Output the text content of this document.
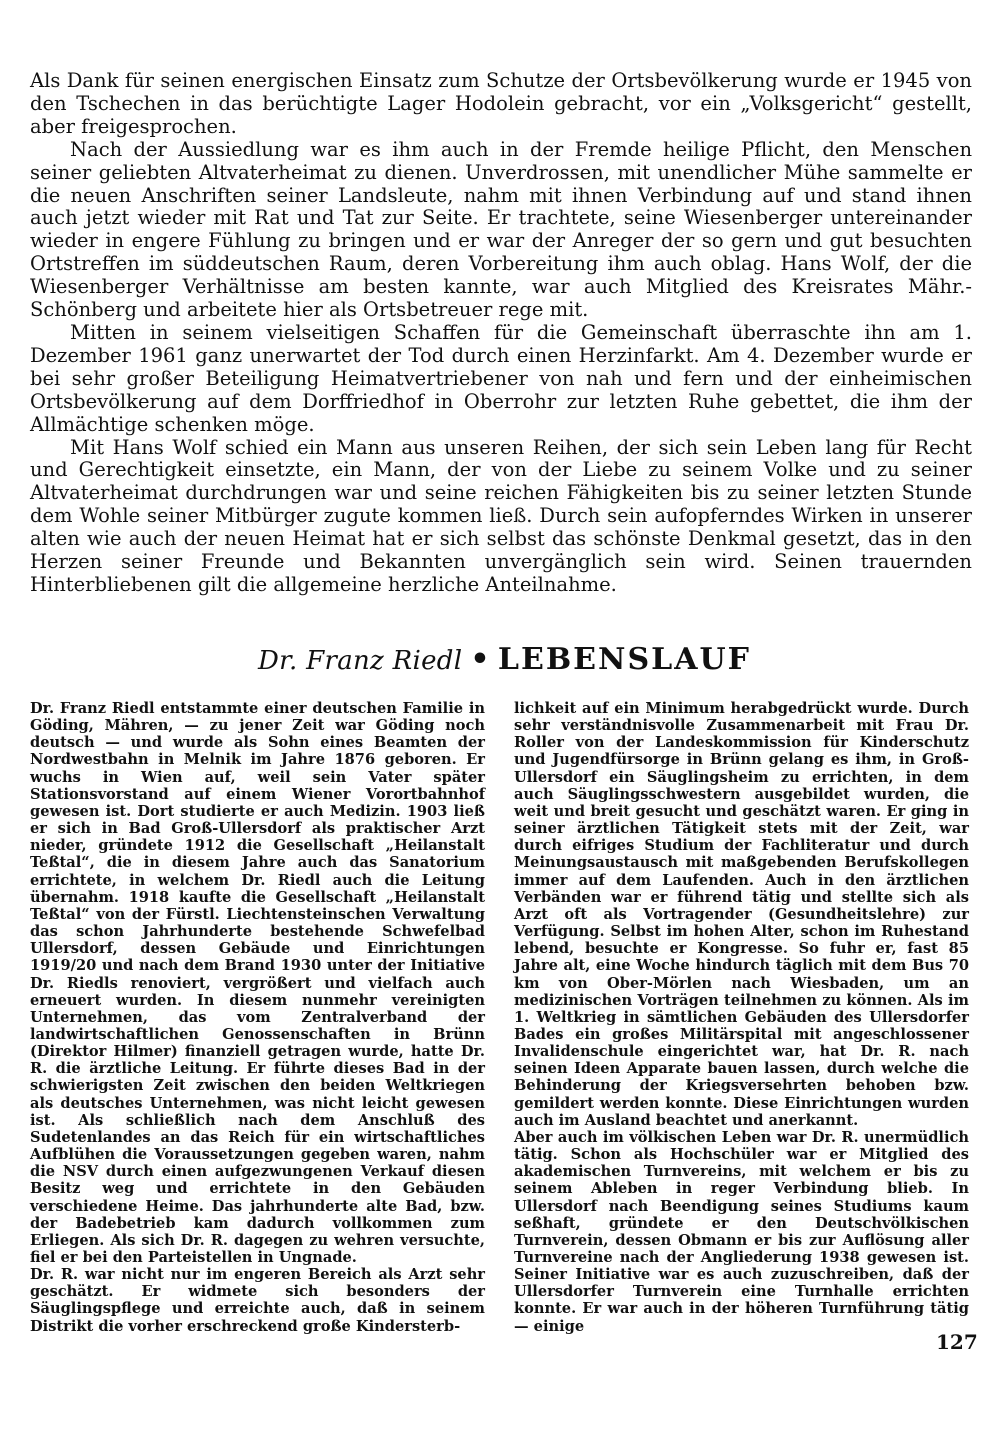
Als Dank für seinen energischen Einsatz zum Schutze der Ortsbevölkerung wurde er 1945 von den Tschechen in das berüchtigte Lager Hodolein gebracht, vor ein „Volksgericht“ gestellt, aber freigesprochen.

Nach der Aussiedlung war es ihm auch in der Fremde heilige Pflicht, den Menschen seiner geliebten Altvaterheimat zu dienen. Unverdrossen, mit unendlicher Mühe sammelte er die neuen Anschriften seiner Landsleute, nahm mit ihnen Verbindung auf und stand ihnen auch jetzt wieder mit Rat und Tat zur Seite. Er trachtete, seine Wiesenberger untereinander wieder in engere Fühlung zu bringen und er war der Anreger der so gern und gut besuchten Ortstreffen im süddeutschen Raum, deren Vorbereitung ihm auch oblag. Hans Wolf, der die Wiesenberger Verhältnisse am besten kannte, war auch Mitglied des Kreisrates Mähr.-Schönberg und arbeitete hier als Ortsbetreuer rege mit.

Mitten in seinem vielseitigen Schaffen für die Gemeinschaft überraschte ihn am 1. Dezember 1961 ganz unerwartet der Tod durch einen Herzinfarkt. Am 4. Dezember wurde er bei sehr großer Beteiligung Heimatvertriebener von nah und fern und der einheimischen Ortsbevölkerung auf dem Dorffriedhof in Oberrohr zur letzten Ruhe gebettet, die ihm der Allmächtige schenken möge.

Mit Hans Wolf schied ein Mann aus unseren Reihen, der sich sein Leben lang für Recht und Gerechtigkeit einsetzte, ein Mann, der von der Liebe zu seinem Volke und zu seiner Altvaterheimat durchdrungen war und seine reichen Fähigkeiten bis zu seiner letzten Stunde dem Wohle seiner Mitbürger zugute kommen ließ. Durch sein aufopferndes Wirken in unserer alten wie auch der neuen Heimat hat er sich selbst das schönste Denkmal gesetzt, das in den Herzen seiner Freunde und Bekannten unvergänglich sein wird. Seinen trauernden Hinterbliebenen gilt die allgemeine herzliche Anteilnahme.

Dr. Franz Riedl • LEBENSLAUF

Dr. Franz Riedl entstammte einer deutschen Familie in Göding, Mähren, — zu jener Zeit war Göding noch deutsch — und wurde als Sohn eines Beamten der Nordwestbahn in Melnik im Jahre 1876 geboren. Er wuchs in Wien auf, weil sein Vater später Stationsvorstand auf einem Wiener Vorortbahnhof gewesen ist. Dort studierte er auch Medizin. 1903 ließ er sich in Bad Groß-Ullersdorf als praktischer Arzt nieder, gründete 1912 die Gesellschaft „Heilanstalt Teßtal“, die in diesem Jahre auch das Sanatorium errichtete, in welchem Dr. Riedl auch die Leitung übernahm. 1918 kaufte die Gesellschaft „Heilanstalt Teßtal“ von der Fürstl. Liechtensteinschen Verwaltung das schon Jahrhunderte bestehende Schwefelbad Ullersdorf, dessen Gebäude und Einrichtungen 1919/20 und nach dem Brand 1930 unter der Initiative Dr. Riedls renoviert, vergrößert und vielfach auch erneuert wurden. In diesem nunmehr vereinigten Unternehmen, das vom Zentralverband der landwirtschaftlichen Genossenschaften in Brünn (Direktor Hilmer) finanziell getragen wurde, hatte Dr. R. die ärztliche Leitung. Er führte dieses Bad in der schwierigsten Zeit zwischen den beiden Weltkriegen als deutsches Unternehmen, was nicht leicht gewesen ist. Als schließlich nach dem Anschluß des Sudetenlandes an das Reich für ein wirtschaftliches Aufblühen die Voraussetzungen gegeben waren, nahm die NSV durch einen aufgezwungenen Verkauf diesen Besitz weg und errichtete in den Gebäuden verschiedene Heime. Das jahrhunderte alte Bad, bzw. der Badebetrieb kam dadurch vollkommen zum Erliegen. Als sich Dr. R. dagegen zu wehren versuchte, fiel er bei den Parteistellen in Ungnade.

Dr. R. war nicht nur im engeren Bereich als Arzt sehr geschätzt. Er widmete sich besonders der Säuglingspflege und erreichte auch, daß in seinem Distrikt die vorher erschreckend große Kindersterb-

lichkeit auf ein Minimum herabgedrückt wurde. Durch sehr verständnisvolle Zusammenarbeit mit Frau Dr. Roller von der Landeskommission für Kinderschutz und Jugendfürsorge in Brünn gelang es ihm, in Groß-Ullersdorf ein Säuglingsheim zu errichten, in dem auch Säuglingsschwestern ausgebildet wurden, die weit und breit gesucht und geschätzt waren. Er ging in seiner ärztlichen Tätigkeit stets mit der Zeit, war durch eifriges Studium der Fachliteratur und durch Meinungsaustausch mit maßgebenden Berufskollegen immer auf dem Laufenden. Auch in den ärztlichen Verbänden war er führend tätig und stellte sich als Arzt oft als Vortragender (Gesundheitslehre) zur Verfügung. Selbst im hohen Alter, schon im Ruhestand lebend, besuchte er Kongresse. So fuhr er, fast 85 Jahre alt, eine Woche hindurch täglich mit dem Bus 70 km von Ober-Mörlen nach Wiesbaden, um an medizinischen Vorträgen teilnehmen zu können. Als im 1. Weltkrieg in sämtlichen Gebäuden des Ullersdorfer Bades ein großes Militärspital mit angeschlossener Invalidenschule eingerichtet war, hat Dr. R. nach seinen Ideen Apparate bauen lassen, durch welche die Behinderung der Kriegsversehrten behoben bzw. gemildert werden konnte. Diese Einrichtungen wurden auch im Ausland beachtet und anerkannt.

Aber auch im völkischen Leben war Dr. R. unermüdlich tätig. Schon als Hochschüler war er Mitglied des akademischen Turnvereins, mit welchem er bis zu seinem Ableben in reger Verbindung blieb. In Ullersdorf nach Beendigung seines Studiums kaum seßhaft, gründete er den Deutschvölkischen Turnverein, dessen Obmann er bis zur Auflösung aller Turnvereine nach der Angliederung 1938 gewesen ist. Seiner Initiative war es auch zuzuschreiben, daß der Ullersdorfer Turnverein eine Turnhalle errichten konnte. Er war auch in der höheren Turnführung tätig — einige

127
